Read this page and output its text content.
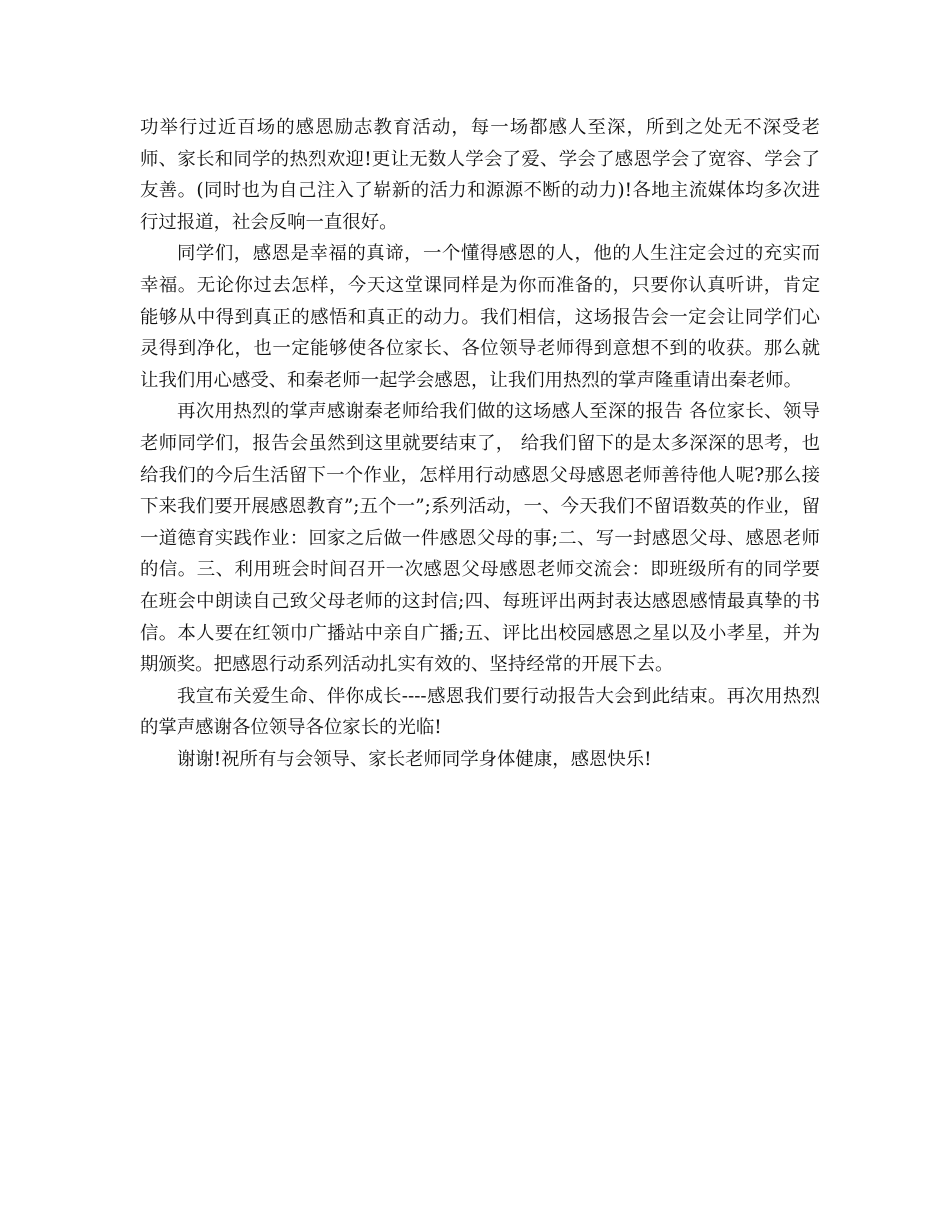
功举行过近百场的感恩励志教育活动，每一场都感人至深，所到之处无不深受老师、家长和同学的热烈欢迎!更让无数人学会了爱、学会了感恩学会了宽容、学会了友善。(同时也为自己注入了崭新的活力和源源不断的动力)!各地主流媒体均多次进行过报道，社会反响一直很好。

同学们，感恩是幸福的真谛，一个懂得感恩的人，他的人生注定会过的充实而幸福。无论你过去怎样，今天这堂课同样是为你而准备的，只要你认真听讲，肯定能够从中得到真正的感悟和真正的动力。我们相信，这场报告会一定会让同学们心灵得到净化，也一定能够使各位家长、各位领导老师得到意想不到的收获。那么就让我们用心感受、和秦老师一起学会感恩，让我们用热烈的掌声隆重请出秦老师。

再次用热烈的掌声感谢秦老师给我们做的这场感人至深的报告 各位家长、领导老师同学们，报告会虽然到这里就要结束了， 给我们留下的是太多深深的思考，也给我们的今后生活留下一个作业，怎样用行动感恩父母感恩老师善待他人呢?那么接下来我们要开展感恩教育”;五个一”;系列活动，一、今天我们不留语数英的作业，留一道德育实践作业：回家之后做一件感恩父母的事;二、写一封感恩父母、感恩老师的信。三、利用班会时间召开一次感恩父母感恩老师交流会：即班级所有的同学要在班会中朗读自己致父母老师的这封信;四、每班评出两封表达感恩感情最真挚的书信。本人要在红领巾广播站中亲自广播;五、评比出校园感恩之星以及小孝星，并为期颁奖。把感恩行动系列活动扎实有效的、坚持经常的开展下去。

我宣布关爱生命、伴你成长----感恩我们要行动报告大会到此结束。再次用热烈的掌声感谢各位领导各位家长的光临!

谢谢!祝所有与会领导、家长老师同学身体健康，感恩快乐!
